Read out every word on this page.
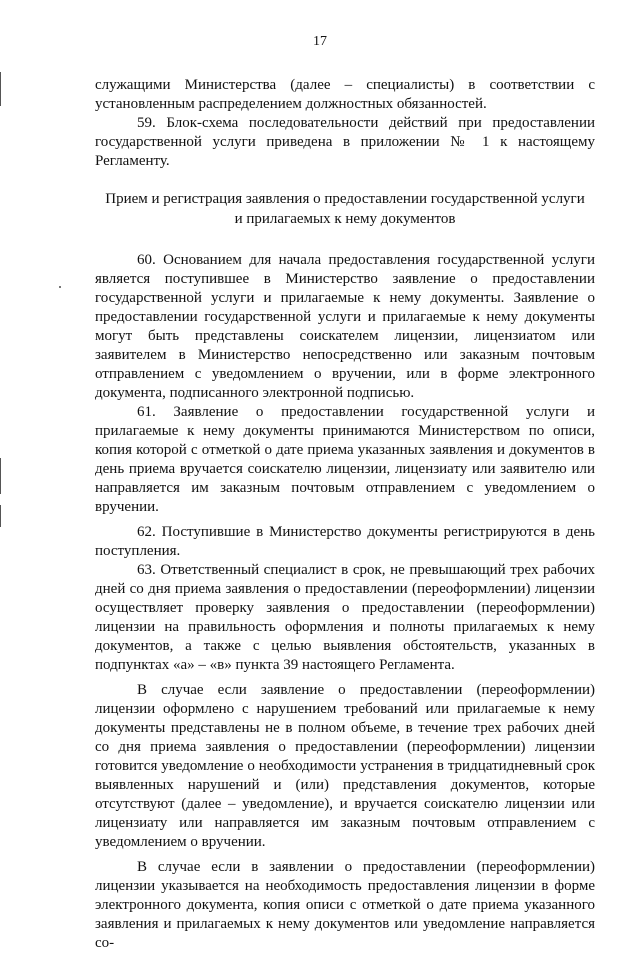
17

служащими Министерства (далее – специалисты) в соответствии с установленным распределением должностных обязанностей.

59. Блок-схема последовательности действий при предоставлении государственной услуги приведена в приложении № 1 к настоящему Регламенту.

Прием и регистрация заявления о предоставлении государственной услуги и прилагаемых к нему документов

60. Основанием для начала предоставления государственной услуги является поступившее в Министерство заявление о предоставлении государственной услуги и прилагаемые к нему документы. Заявление о предоставлении государственной услуги и прилагаемые к нему документы могут быть представлены соискателем лицензии, лицензиатом или заявителем в Министерство непосредственно или заказным почтовым отправлением с уведомлением о вручении, или в форме электронного документа, подписанного электронной подписью.

61. Заявление о предоставлении государственной услуги и прилагаемые к нему документы принимаются Министерством по описи, копия которой с отметкой о дате приема указанных заявления и документов в день приема вручается соискателю лицензии, лицензиату или заявителю или направляется им заказным почтовым отправлением с уведомлением о вручении.

62. Поступившие в Министерство документы регистрируются в день поступления.

63. Ответственный специалист в срок, не превышающий трех рабочих дней со дня приема заявления о предоставлении (переоформлении) лицензии осуществляет проверку заявления о предоставлении (переоформлении) лицензии на правильность оформления и полноты прилагаемых к нему документов, а также с целью выявления обстоятельств, указанных в подпунктах «а» – «в» пункта 39 настоящего Регламента.

В случае если заявление о предоставлении (переоформлении) лицензии оформлено с нарушением требований или прилагаемые к нему документы представлены не в полном объеме, в течение трех рабочих дней со дня приема заявления о предоставлении (переоформлении) лицензии готовится уведомление о необходимости устранения в тридцатидневный срок выявленных нарушений и (или) представления документов, которые отсутствуют (далее – уведомление), и вручается соискателю лицензии или лицензиату или направляется им заказным почтовым отправлением с уведомлением о вручении.

В случае если в заявлении о предоставлении (переоформлении) лицензии указывается на необходимость предоставления лицензии в форме электронного документа, копия описи с отметкой о дате приема указанного заявления и прилагаемых к нему документов или уведомление направляется со-
